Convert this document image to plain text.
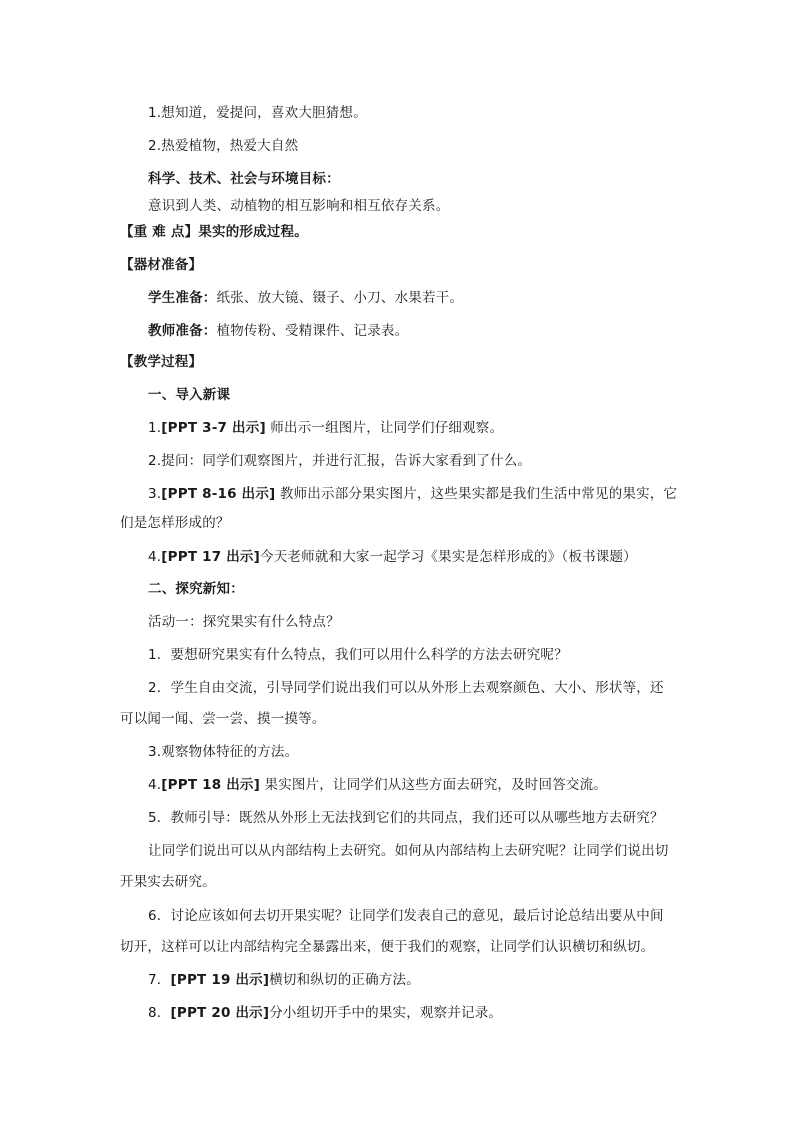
1.想知道，爱提问，喜欢大胆猜想。
2.热爱植物，热爱大自然
科学、技术、社会与环境目标：
意识到人类、动植物的相互影响和相互依存关系。
【重 难 点】果实的形成过程。
【器材准备】
学生准备：纸张、放大镜、镊子、小刀、水果若干。
教师准备：植物传粉、受精课件、记录表。
【教学过程】
一、导入新课
1.[PPT 3-7 出示] 师出示一组图片，让同学们仔细观察。
2.提问：同学们观察图片，并进行汇报，告诉大家看到了什么。
3.[PPT 8-16 出示] 教师出示部分果实图片，这些果实都是我们生活中常见的果实，它
们是怎样形成的？
4.[PPT 17 出示]今天老师就和大家一起学习《果实是怎样形成的》（板书课题）
二、探究新知：
活动一：探究果实有什么特点？
1．要想研究果实有什么特点，我们可以用什么科学的方法去研究呢？
2．学生自由交流，引导同学们说出我们可以从外形上去观察颜色、大小、形状等，还
可以闻一闻、尝一尝、摸一摸等。
3.观察物体特征的方法。
4.[PPT 18 出示] 果实图片，让同学们从这些方面去研究，及时回答交流。
5．教师引导：既然从外形上无法找到它们的共同点，我们还可以从哪些地方去研究？
让同学们说出可以从内部结构上去研究。如何从内部结构上去研究呢？让同学们说出切
开果实去研究。
6．讨论应该如何去切开果实呢？让同学们发表自己的意见，最后讨论总结出要从中间
切开，这样可以让内部结构完全暴露出来，便于我们的观察，让同学们认识横切和纵切。
7．[PPT 19 出示]横切和纵切的正确方法。
8．[PPT 20 出示]分小组切开手中的果实，观察并记录。
